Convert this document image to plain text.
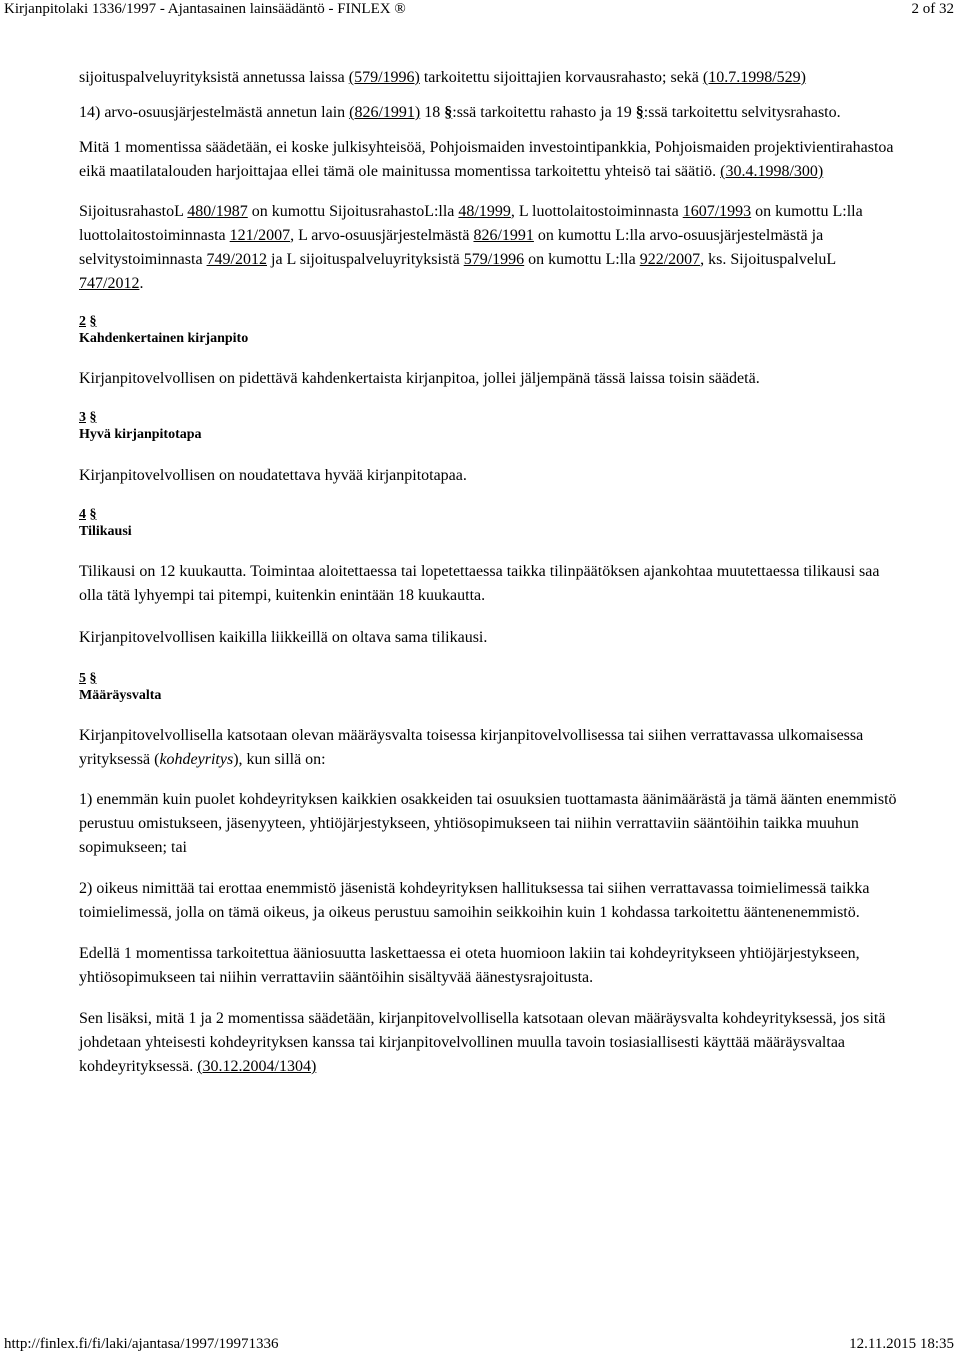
Kirjanpitolaki 1336/1997 - Ajantasainen lainsäädäntö - FINLEX ®	2 of 32

sijoituspalveluyrityksistä annetussa laissa (579/1996) tarkoitettu sijoittajien korvausrahasto; sekä (10.7.1998/529)

14) arvo-osuusjärjestelmästä annetun lain (826/1991) 18 §:ssä tarkoitettu rahasto ja 19 §:ssä tarkoitettu selvitysrahasto.

Mitä 1 momentissa säädetään, ei koske julkisyhteisöä, Pohjoismaiden investointipankkia, Pohjoismaiden projektivientirahastoa eikä maatilatalouden harjoittajaa ellei tämä ole mainitussa momentissa tarkoitettu yhteisö tai säätiö. (30.4.1998/300)

SijoitusrahastoL 480/1987 on kumottu SijoitusrahastoL:lla 48/1999, L luottolaitostoiminnasta 1607/1993 on kumottu L:lla luottolaitostoiminnasta 121/2007, L arvo-osuusjärjestelmästä 826/1991 on kumottu L:lla arvo-osuusjärjestelmästä ja selvitystoiminnasta 749/2012 ja L sijoituspalveluyrityksistä 579/1996 on kumottu L:lla 922/2007, ks. SijoituspalveluL 747/2012.

2 §
Kahdenkertainen kirjanpito

Kirjanpitovelvollisen on pidettävä kahdenkertaista kirjanpitoa, jollei jäljempänä tässä laissa toisin säädetä.

3 §
Hyvä kirjanpitotapa

Kirjanpitovelvollisen on noudatettava hyvää kirjanpitotapaa.

4 §
Tilikausi

Tilikausi on 12 kuukautta. Toimintaa aloitettaessa tai lopetettaessa taikka tilinpäätöksen ajankohtaa muutettaessa tilikausi saa olla tätä lyhyempi tai pitempi, kuitenkin enintään 18 kuukautta.

Kirjanpitovelvollisen kaikilla liikkeillä on oltava sama tilikausi.

5 §
Määräysvalta

Kirjanpitovelvollisella katsotaan olevan määräysvalta toisessa kirjanpitovelvollisessa tai siihen verrattavassa ulkomaisessa yrityksessä (kohdeyritys), kun sillä on:

1) enemmän kuin puolet kohdeyrityksen kaikkien osakkeiden tai osuuksien tuottamasta äänimäärästä ja tämä äänten enemmistö perustuu omistukseen, jäsenyyteen, yhtiöjärjestykseen, yhtiösopimukseen tai niihin verrattaviin sääntöihin taikka muuhun sopimukseen; tai

2) oikeus nimittää tai erottaa enemmistö jäsenistä kohdeyrityksen hallituksessa tai siihen verrattavassa toimielimessä taikka toimielimessä, jolla on tämä oikeus, ja oikeus perustuu samoihin seikkoihin kuin 1 kohdassa tarkoitettu ääntenenemmistö.

Edellä 1 momentissa tarkoitettua ääniosuutta laskettaessa ei oteta huomioon lakiin tai kohdeyritykseen yhtiöjärjestykseen, yhtiösopimukseen tai niihin verrattaviin sääntöihin sisältyvää äänestysrajoitusta.

Sen lisäksi, mitä 1 ja 2 momentissa säädetään, kirjanpitovelvollisella katsotaan olevan määräysvalta kohdeyrityksessä, jos sitä johdetaan yhteisesti kohdeyrityksen kanssa tai kirjanpitovelvollinen muulla tavoin tosiasiallisesti käyttää määräysvaltaa kohdeyrityksessä. (30.12.2004/1304)

http://finlex.fi/fi/laki/ajantasa/1997/19971336	12.11.2015 18:35
